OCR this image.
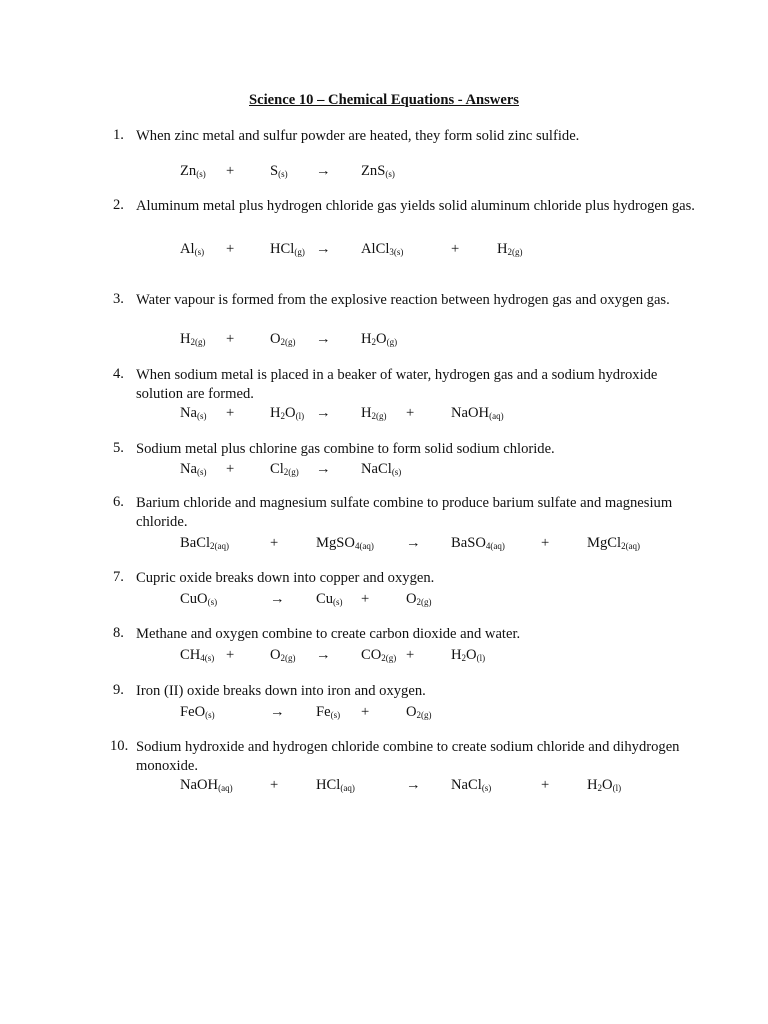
Science 10 – Chemical Equations - Answers
1. When zinc metal and sulfur powder are heated, they form solid zinc sulfide.
Zn(s) + S(s) → ZnS(s)
2. Aluminum metal plus hydrogen chloride gas yields solid aluminum chloride plus hydrogen gas.
Al(s) + HCl(g) → AlCl$_3$(s)	+	$H_2(g)$
3. Water vapour is formed from the explosive reaction between hydrogen gas and oxygen gas.
$H_2(g) + O_2(g) \to H_2O(g)$
4. When sodium metal is placed in a beaker of water, hydrogen gas and a sodium hydroxide solution are formed.
$Na(s) + H_2O(l) \to H_2(g)$ +	NaOH(aq)
5. Sodium metal plus chlorine gas combine to form solid sodium chloride.
$Na(s) + Cl_2(g)$ → NaCl(s)
6. Barium chloride and magnesium sulfate combine to produce barium sulfate and magnesium chloride.
BaCl$_2$(aq)	+	MgSO$_4$(aq) → BaSO$_4$(aq) +	MgCl$_2$(aq)
7. Cupric oxide breaks down into copper and oxygen.
CuO(s)	→ Cu(s) +	$O_2(g)$
8. Methane and oxygen combine to create carbon dioxide and water.
$CH_4(s) + O_2(g) \to CO_2(g)$ +	$H_2O(l)$
9. Iron (II) oxide breaks down into iron and oxygen.
FeO(s)	→ Fe(s) +	$O_2(g)$
10. Sodium hydroxide and hydrogen chloride combine to create sodium chloride and dihydrogen monoxide.
NaOH(aq)	+	HCl(aq)	→ NaCl(s)	+	$H_2O(l)$
